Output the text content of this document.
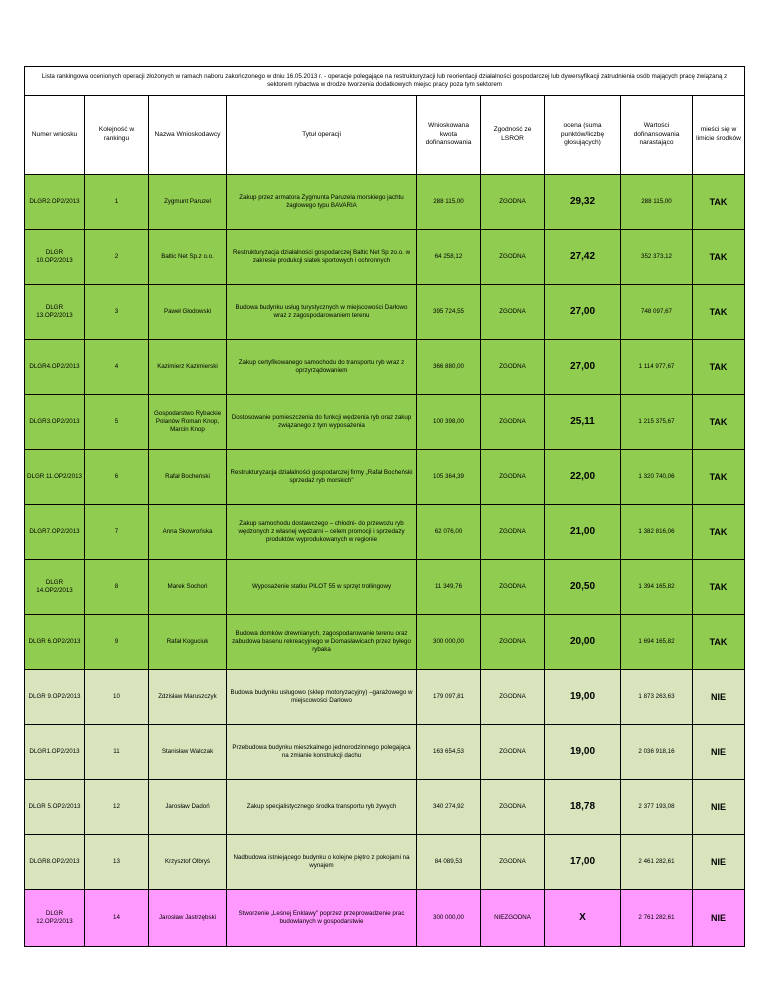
Lista rankingowa ocenionych operacji złożonych w ramach naboru zakończonego w dniu 16.05.2013 r. - operacje polegające na restrukturyzacji lub reorientacji działalności gospodarczej lub dywersyfikacji zatrudnienia osób mających pracę związaną z sektorem rybactwa w drodze tworzenia dodatkowych miejsc pracy poza tym sektorem								
Numer wniosku	Kolejność w rankingu	Nazwa Wnioskodawcy	Tytuł operacji	Wnioskowana kwota dofinansowania	Zgodność ze LSROR	ocena (suma punktów/liczbę głosujących)	Wartości dofinansowania narastająco	mieści się w limicie środków
DLGR2.OP2/2013	1	Zygmunt Paruzel	Zakup przez armatora Zygmunta Paruzela morskiego jachtu żaglowego typu BAVARIA	288 115,00	ZGODNA	29,32	288 115,00	TAK
DLGR 10.OP2/2013	2	Baltic Net Sp.z o.o.	Restrukturyzacja działalności gospodarczej Baltic Net Sp zo.o. w zakresie produkcji siatek sportowych i ochronnych	64 258,12	ZGODNA	27,42	352 373,12	TAK
DLGR 13.OP2/2013	3	Paweł Głodowski	Budowa budynku usług turystycznych w miejscowości Darłowo wraz z zagospodarowaniem terenu	395 724,55	ZGODNA	27,00	748 097,67	TAK
DLGR4.OP2/2013	4	Kazimierz Kazimierski	Zakup certyfikowanego samochodu do transportu ryb wraz z oprzyrządowaniem	366 880,00	ZGODNA	27,00	1 114 977,67	TAK
DLGR3.OP2/2013	5	Gospodarstwo Rybackie Polanów Roman Knop, Marcin Knop	Dostosowanie pomieszczenia do funkcji wędzenia ryb oraz zakup związanego z tym wyposażenia	100 398,00	ZGODNA	25,11	1 215 375,67	TAK
DLGR 11.OP2/2013	6	Rafał Bocheński	Restrukturyzacja działalności gospodarczej firmy „Rafał Bocheński sprzedaż ryb morskich"	105 364,39	ZGODNA	22,00	1 320 740,06	TAK
DLGR7.OP2/2013	7	Anna Skowrońska	Zakup samochodu dostawczego – chłodni- do przewozu ryb wędzonych z własnej wędzarni – celem promocji i sprzedaży produktów wyprodukowanych w regionie	62 076,00	ZGODNA	21,00	1 382 816,06	TAK
DLGR 14.OP2/2013	8	Marek Sochoń	Wyposażenie statku PILOT 55 w sprzęt trollingowy	11 349,76	ZGODNA	20,50	1 394 165,82	TAK
DLGR 6.OP2/2013	9	Rafał Koguciuk	Budowa domków drewnianych, zagospodarowanie terenu oraz zabudowa basenu rekreacyjnego w Domasławicach przez byłego rybaka	300 000,00	ZGODNA	20,00	1 694 165,82	TAK
DLGR 9.OP2/2013	10	Zdzisław Maruszczyk	Budowa budynku usługowo (sklep motoryzacyjny) –garażowego w miejscowości Darłowo	179 097,81	ZGODNA	19,00	1 873 263,63	NIE
DLGR1.OP2/2013	11	Stanisław Walczak	Przebudowa budynku mieszkalnego jednorodzinnego polegająca na zmianie konstrukcji dachu	163 654,53	ZGODNA	19,00	2 036 918,16	NIE
DLGR 5.OP2/2013	12	Jarosław Dadoń	Zakup specjalistycznego środka transportu ryb żywych	340 274,92	ZGODNA	18,78	2 377 193,08	NIE
DLGR8.OP2/2013	13	Krzysztof Olbryś	Nadbudowa istniejącego budynku o kolejne piętro z pokojami na wynajem	84 089,53	ZGODNA	17,00	2 461 282,61	NIE
DLGR 12.OP2/2013	14	Jarosław Jastrzębski	Stworzenie „Leśnej Enklawy" poprzez przeprowadzenie prac budowlanych w gospodarstwie	300 000,00	NIEZGODNA	X	2 761 282,61	NIE
